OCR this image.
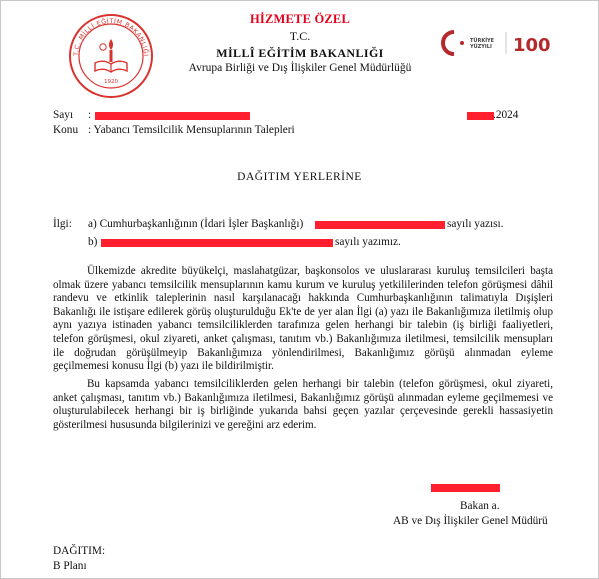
T.C. MİLLİ EĞİTİM BAKANLIĞI
1920
HİZMETE ÖZEL
T.C.
MİLLÎ EĞİTİM BAKANLIĞI
Avrupa Birliği ve Dış İlişkiler Genel Müdürlüğü
TÜRKİYE
YÜZYILI 100
Sayı :	.2024
Konu : Yabancı Temsilcilik Mensuplarının Talepleri
DAĞITIM YERLERİNE
İlgi: a) Cumhurbaşkanlığının (İdari İşler Başkanlığı)	sayılı yazısı.
b)	sayılı yazımız.
Ülkemizde akredite büyükelçi, maslahatgüzar, başkonsolos ve uluslararası kuruluş temsilcileri başta olmak üzere yabancı temsilcilik mensuplarının kamu kurum ve kuruluş yetkililerinden telefon görüşmesi dâhil randevu ve etkinlik taleplerinin nasıl karşılanacağı hakkında Cumhurbaşkanlığının talimatıyla Dışişleri Bakanlığı ile istişare edilerek görüş oluşturulduğu Ek'te de yer alan İlgi (a) yazı ile Bakanlığımıza iletilmiş olup aynı yazıya istinaden yabancı temsilciliklerden tarafınıza gelen herhangi bir talebin (iş birliği faaliyetleri, telefon görüşmesi, okul ziyareti, anket çalışması, tanıtım vb.) Bakanlığımıza iletilmesi, temsilcilik mensupları ile doğrudan görüşülmeyip Bakanlığımıza yönlendirilmesi, Bakanlığımız görüşü alınmadan eyleme geçilmemesi konusu İlgi (b) yazı ile bildirilmiştir.
Bu kapsamda yabancı temsilciliklerden gelen herhangi bir talebin (telefon görüşmesi, okul ziyareti, anket çalışması, tanıtım vb.) Bakanlığımıza iletilmesi, Bakanlığımız görüşü alınmadan eyleme geçilmemesi ve oluşturulabilecek herhangi bir iş birliğinde yukarıda bahsi geçen yazılar çerçevesinde gerekli hassasiyetin gösterilmesi hususunda bilgilerinizi ve gereğini arz ederim.
Bakan a.
AB ve Dış İlişkiler Genel Müdürü
DAĞITIM:
B Planı
